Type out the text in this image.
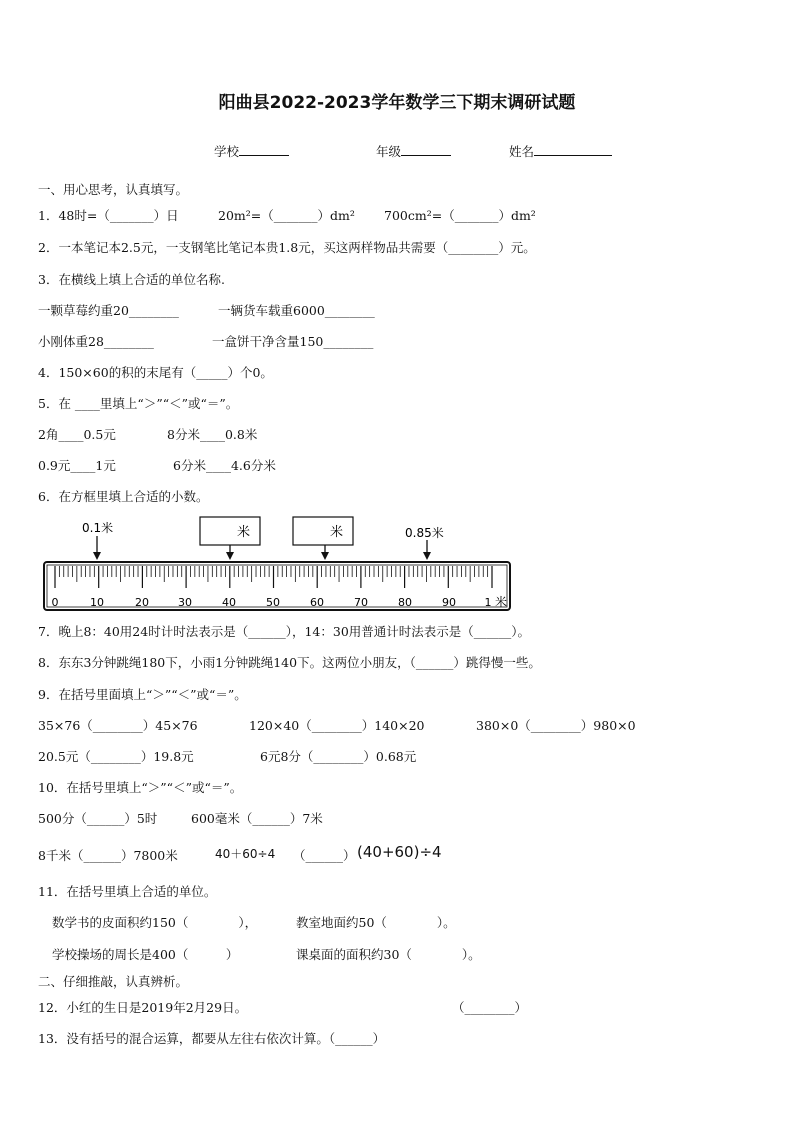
阳曲县2022-2023学年数学三下期末调研试题
学校	年级	姓名
一、用心思考，认真填写。
1．48时=（_______）日	20m²=（_______）dm² 700cm²=（_______）dm²
2．一本笔记本2.5元，一支钢笔比笔记本贵1.8元，买这两样物品共需要（________）元。
3．在横线上填上合适的单位名称.
一颗草莓约重20________	一辆货车载重6000________
小刚体重28________	一盒饼干净含量150________
4．150×60的积的末尾有（_____）个0。
5．在 ____里填上“＞”“＜”或“＝”。
2角____0.5元	8分米____0.8米
0.9元____1元	6分米____4.6分米
6．在方框里填上合适的小数。
0.1米	米	米	0.85米
0	10	20	30	40	50	60	70	80	90	1 米
7．晚上8：40用24时计时法表示是（______），14：30用普通计时法表示是（______）。
8．东东3分钟跳绳180下，小雨1分钟跳绳140下。这两位小朋友，（______）跳得慢一些。
9．在括号里面填上“＞”“＜”或“＝”。
35×76（________）45×76	120×40（________）140×20	380×0（________）980×0
20.5元（________）19.8元	6元8分（________）0.68元
10．在括号里填上“＞”“＜”或“＝”。
500分（______）5时	600毫米（______）7米
8千米（______）7800米	40＋60÷4 （______） (40+60)÷4
11．在括号里填上合适的单位。
数学书的皮面积约150（　　　　），	教室地面约50（　　　　）。
学校操场的周长是400（　　　）	课桌面的面积约30（　　　　）。
二、仔细推敲，认真辨析。
12．小红的生日是2019年2月29日。	（________）
13．没有括号的混合运算，都要从左往右依次计算。（______）
